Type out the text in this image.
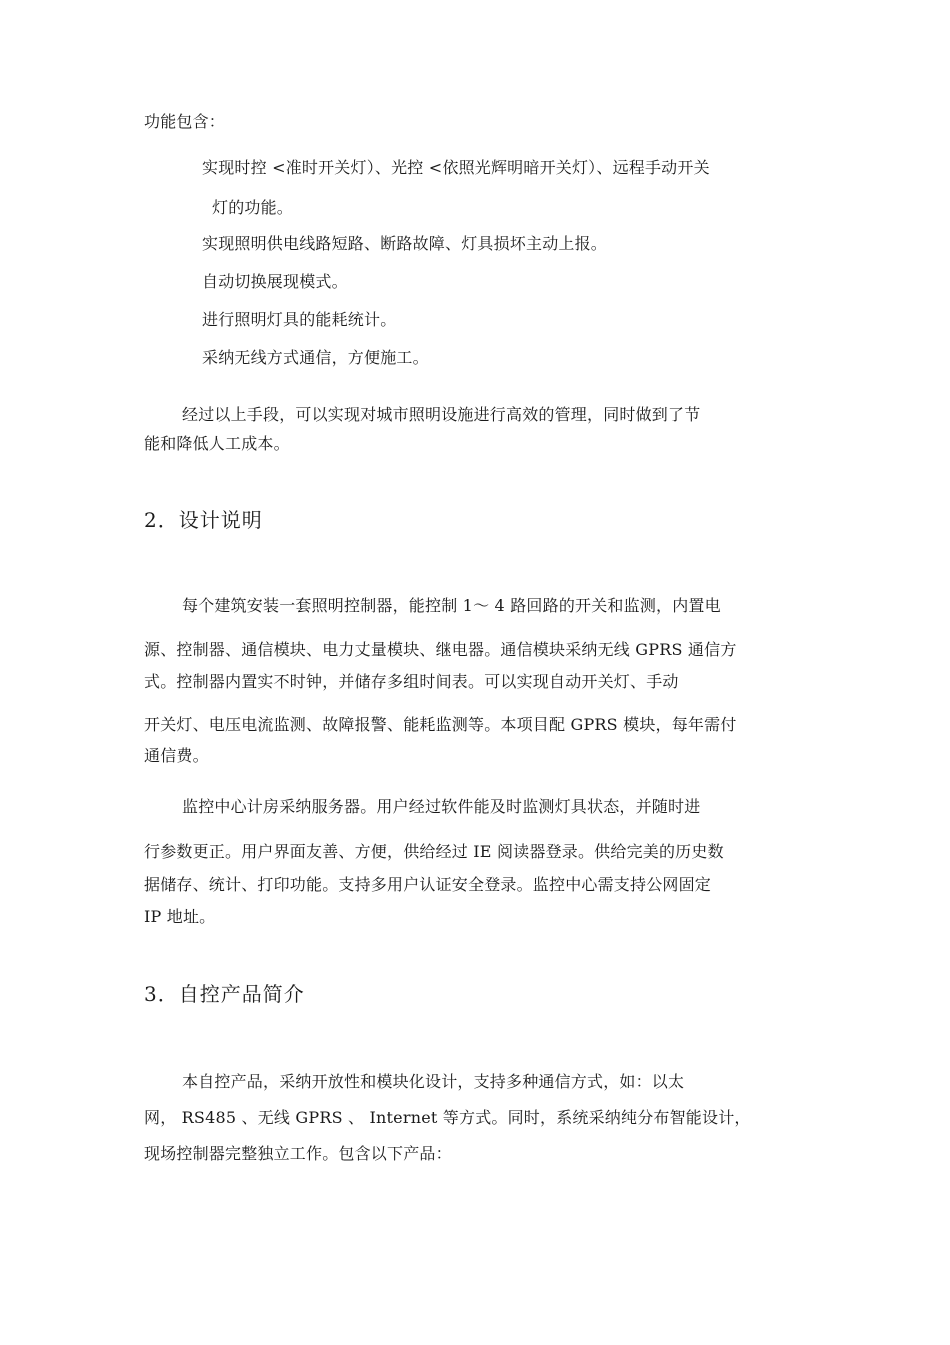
功能包含：
实现时控 <准时开关灯）、光控 <依照光辉明暗开关灯）、远程手动开关
灯的功能。
实现照明供电线路短路、断路故障、灯具损坏主动上报。
自动切换展现模式。
进行照明灯具的能耗统计。
采纳无线方式通信，方便施工。
经过以上手段，可以实现对城市照明设施进行高效的管理，同时做到了节
能和降低人工成本。
2．设计说明
每个建筑安装一套照明控制器，能控制 1～ 4 路回路的开关和监测，内置电
源、控制器、通信模块、电力丈量模块、继电器。通信模块采纳无线 GPRS 通信方
式。控制器内置实不时钟，并储存多组时间表。可以实现自动开关灯、手动
开关灯、电压电流监测、故障报警、能耗监测等。本项目配 GPRS 模块，每年需付
通信费。
监控中心计房采纳服务器。用户经过软件能及时监测灯具状态，并随时进
行参数更正。用户界面友善、方便，供给经过 IE 阅读器登录。供给完美的历史数
据储存、统计、打印功能。支持多用户认证安全登录。监控中心需支持公网固定
IP 地址。
3．自控产品简介
本自控产品，采纳开放性和模块化设计，支持多种通信方式，如：以太
网， RS485 、无线 GPRS 、 Internet 等方式。同时，系统采纳纯分布智能设计，
现场控制器完整独立工作。包含以下产品：
